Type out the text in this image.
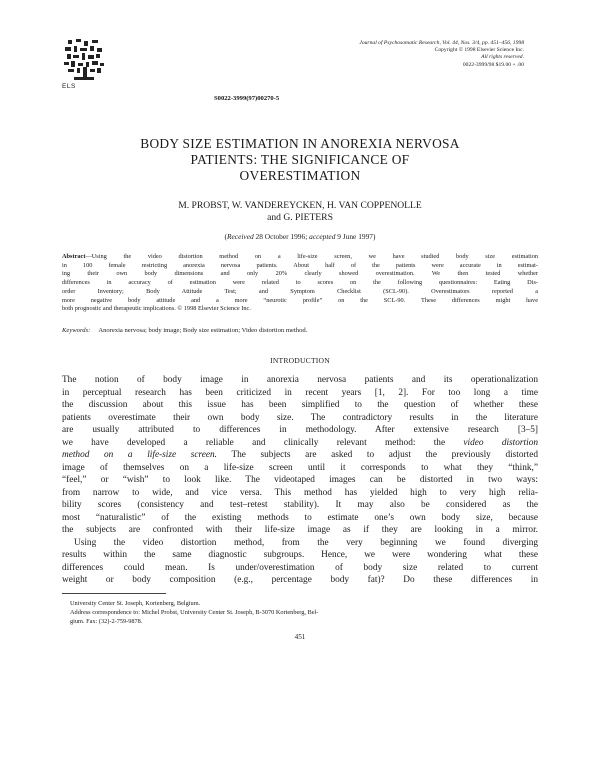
ELS
Journal of Psychosomatic Research, Vol. 44, Nos. 3/4, pp. 451–456, 1998
Copyright © 1998 Elsevier Science Inc.
All rights reserved.
0022-3999/98 $19.00 + .00
S0022-3999(97)00270-5
BODY SIZE ESTIMATION IN ANOREXIA NERVOSA
PATIENTS: THE SIGNIFICANCE OF
OVERESTIMATION
M. PROBST, W. VANDEREYCKEN, H. VAN COPPENOLLE
and G. PIETERS
(Received 28 October 1996; accepted 9 June 1997)
Abstract—Using the video distortion method on a life-size screen, we have studied body size estimation
in 100 female restricting anorexia nervosa patients. About half of the patients were accurate in estimat-
ing their own body dimensions and only 20% clearly showed overestimation. We then tested whether
differences in accuracy of estimation were related to scores on the following questionnaires: Eating Dis-
order Inventory; Body Attitude Test; and Symptom Checklist (SCL-90). Overestimators reported a
more negative body attitude and a more “neurotic profile” on the SCL-90. These differences might have
both prognostic and therapeutic implications. © 1998 Elsevier Science Inc.
Keywords: Anorexia nervosa; body image; Body size estimation; Video distortion method.
INTRODUCTION
The notion of body image in anorexia nervosa patients and its operationalization
in perceptual research has been criticized in recent years [1, 2]. For too long a time
the discussion about this issue has been simplified to the question of whether these
patients overestimate their own body size. The contradictory results in the literature
are usually attributed to differences in methodology. After extensive research [3–5]
we have developed a reliable and clinically relevant method: the video distortion
method on a life-size screen. The subjects are asked to adjust the previously distorted
image of themselves on a life-size screen until it corresponds to what they “think,”
“feel,” or “wish” to look like. The videotaped images can be distorted in two ways:
from narrow to wide, and vice versa. This method has yielded high to very high relia-
bility scores (consistency and test–retest stability). It may also be considered as the
most “naturalistic” of the existing methods to estimate one’s own body size, because
the subjects are confronted with their life-size image as if they are looking in a mirror.
Using the video distortion method, from the very beginning we found diverging
results within the same diagnostic subgroups. Hence, we were wondering what these
differences could mean. Is under/overestimation of body size related to current
weight or body composition (e.g., percentage body fat)? Do these differences in
University Center St. Joseph, Kortenberg, Belgium.
Address correspondence to: Michel Probst, University Center St. Joseph, B-3070 Kortenberg, Bel-
gium. Fax: (32)-2-759-9878.
451
